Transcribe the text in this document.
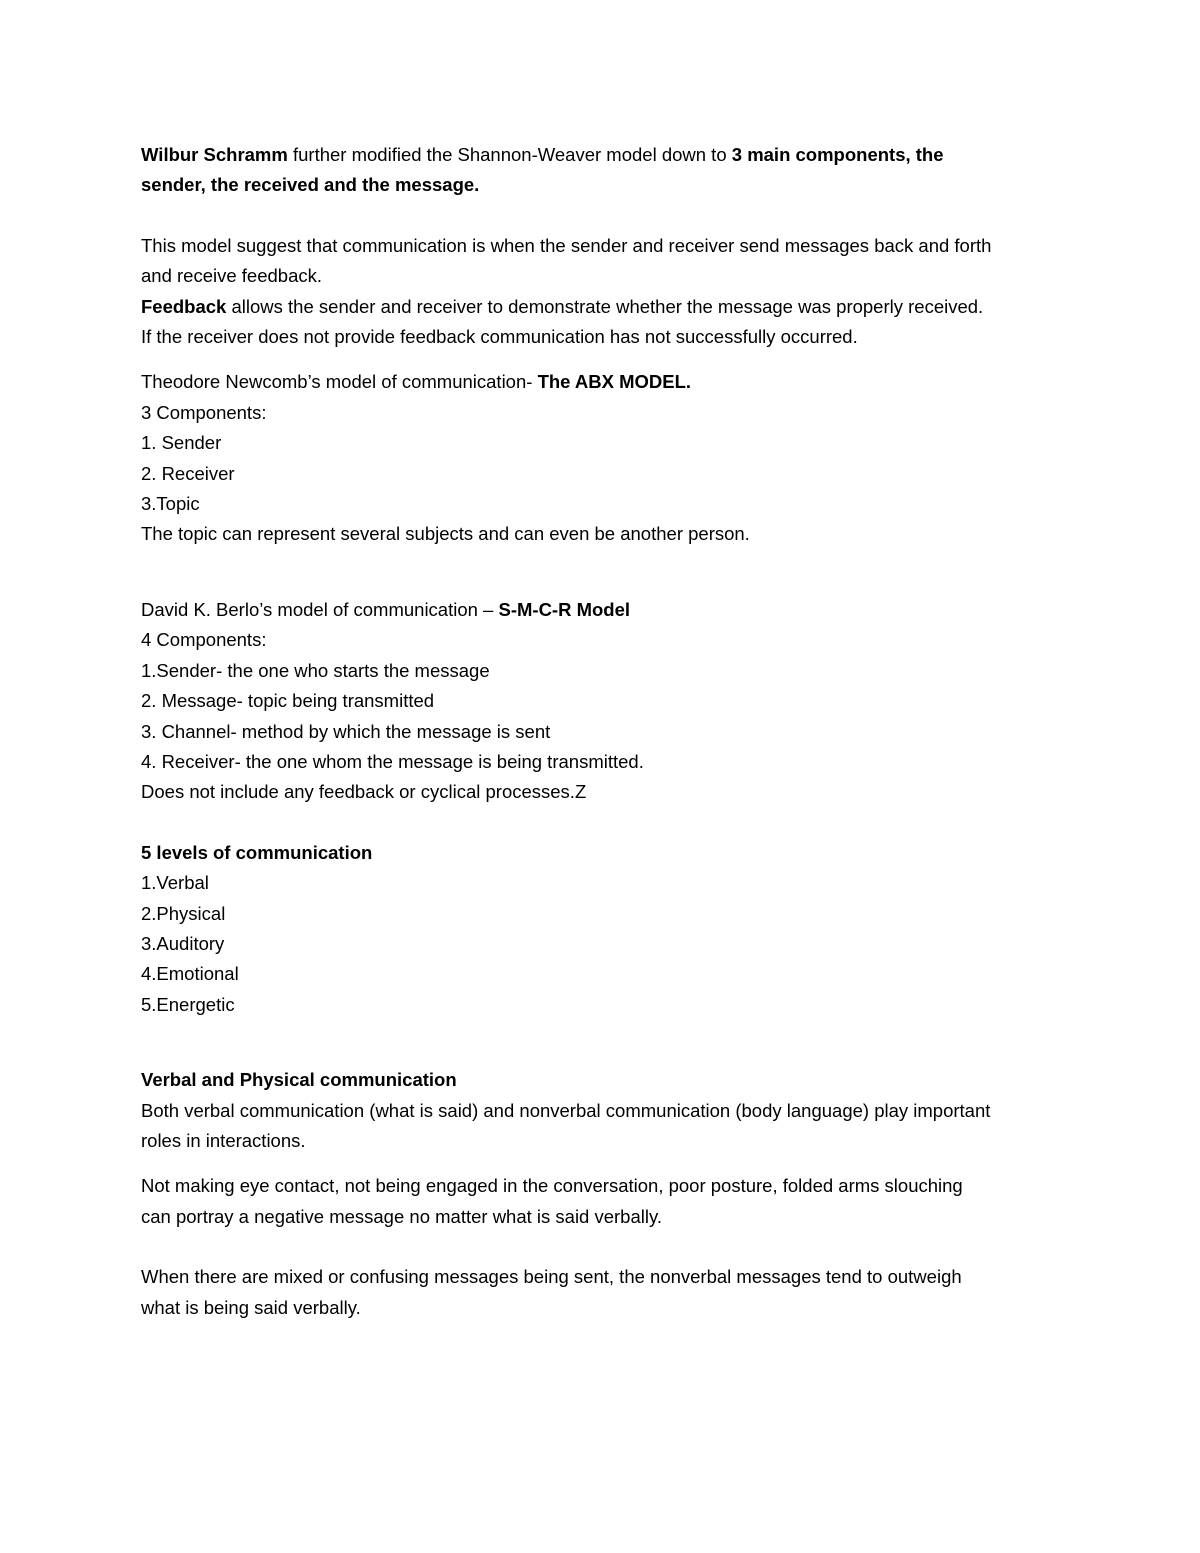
Wilbur Schramm further modified the Shannon-Weaver model down to 3 main components, the
sender, the received and the message.
This model suggest that communication is when the sender and receiver send messages back and forth
and receive feedback.
Feedback allows the sender and receiver to demonstrate whether the message was properly received.
If the receiver does not provide feedback communication has not successfully occurred.
Theodore Newcomb’s model of communication- The ABX MODEL.
3 Components:
1. Sender
2. Receiver
3.Topic
The topic can represent several subjects and can even be another person.
David K. Berlo’s model of communication – S-M-C-R Model
4 Components:
1.Sender- the one who starts the message
2. Message- topic being transmitted
3. Channel- method by which the message is sent
4. Receiver- the one whom the message is being transmitted.
Does not include any feedback or cyclical processes.Z
5 levels of communication
1.Verbal
2.Physical
3.Auditory
4.Emotional
5.Energetic
Verbal and Physical communication
Both verbal communication (what is said) and nonverbal communication (body language) play important
roles in interactions.
Not making eye contact, not being engaged in the conversation, poor posture, folded arms slouching
can portray a negative message no matter what is said verbally.
When there are mixed or confusing messages being sent, the nonverbal messages tend to outweigh
what is being said verbally.
